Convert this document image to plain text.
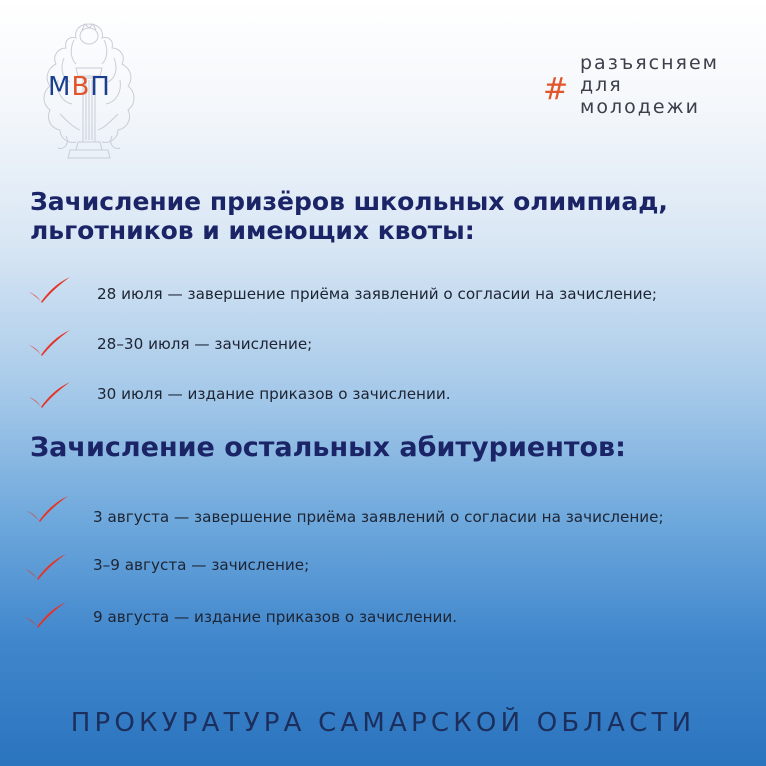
МВП	#
разъясняем
для
молодежи
Зачисление призёров школьных олимпиад,
льготников и имеющих квоты:
28 июля — завершение приёма заявлений о согласии на зачисление;
28–30 июля — зачисление;
30 июля — издание приказов о зачислении.
Зачисление остальных абитуриентов:
3 августа — завершение приёма заявлений о согласии на зачисление;
3–9 августа — зачисление;
9 августа — издание приказов о зачислении.
ПРОКУРАТУРА САМАРСКОЙ ОБЛАСТИ
